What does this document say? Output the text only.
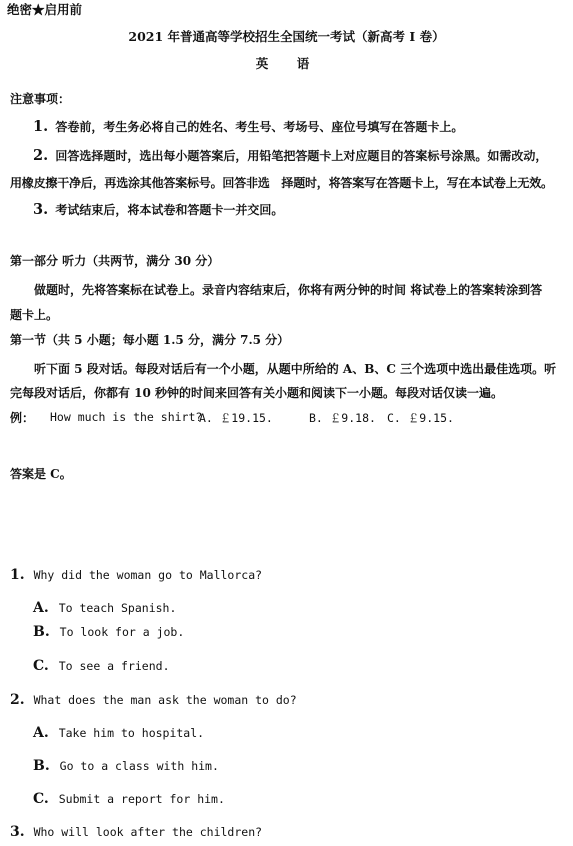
绝密★启用前
2021 年普通高等学校招生全国统一考试（新高考 I 卷）
英　语
注意事项：
1. 答卷前，考生务必将自己的姓名、考生号、考场号、座位号填写在答题卡上。
2. 回答选择题时，选出每小题答案后，用铅笔把答题卡上对应题目的答案标号涂黑。如需改动，
用橡皮擦干净后，再选涂其他答案标号。回答非选　择题时，将答案写在答题卡上，写在本试卷上无效。
3. 考试结束后，将本试卷和答题卡一并交回。
第一部分 听力（共两节，满分 30 分）
做题时，先将答案标在试卷上。录音内容结束后，你将有两分钟的时间 将试卷上的答案转涂到答
题卡上。
第一节（共 5 小题；每小题 1.5 分，满分 7.5 分）
听下面 5 段对话。每段对话后有一个小题，从题中所给的 A、B、C 三个选项中选出最佳选项。听
完每段对话后，你都有 10 秒钟的时间来回答有关小题和阅读下一小题。每段对话仅读一遍。
例： How much is the shirt?
A. ￡19.15.	B. ￡9.18. C. ￡9.15.
答案是 C。
1. Why did the woman go to Mallorca?
A. To teach Spanish.
B. To look for a job.
C. To see a friend.
2. What does the man ask the woman to do?
A. Take him to hospital.
B. Go to a class with him.
C. Submit a report for him.
3. Who will look after the children?
